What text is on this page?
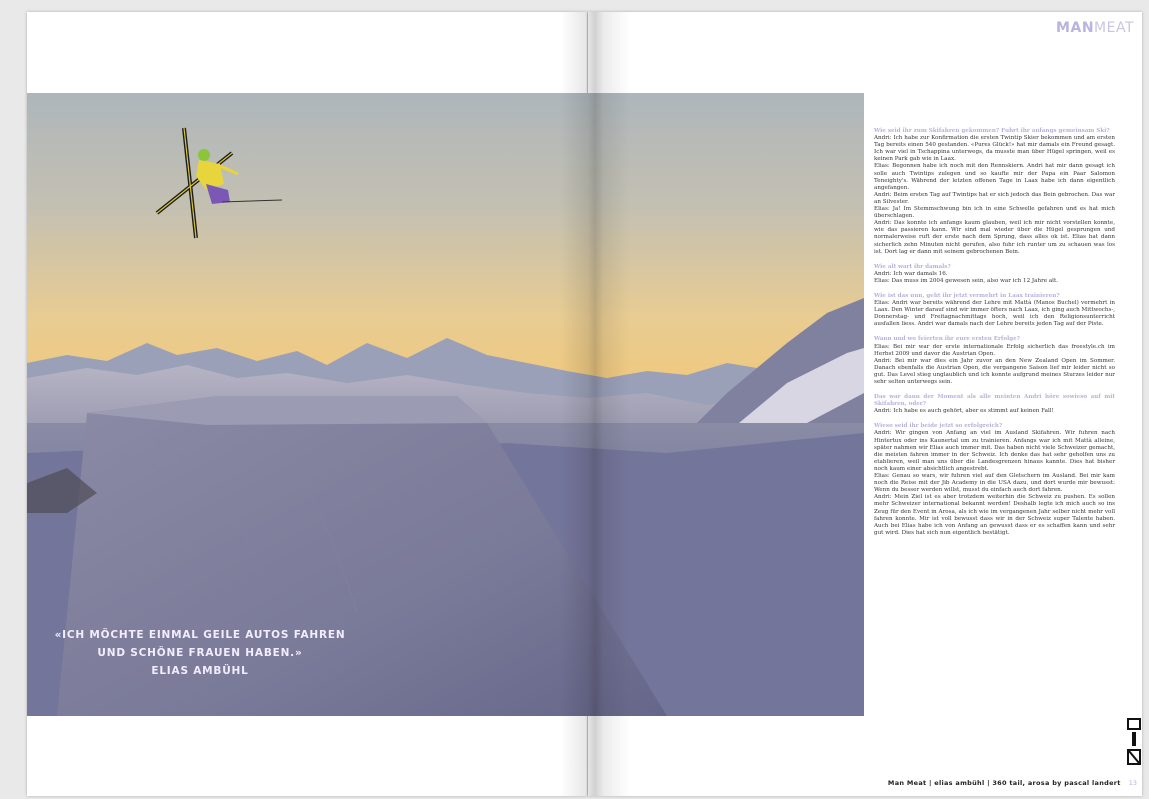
MANMEAT
«ICH MÖCHTE EINMAL GEILE AUTOS FAHREN
UND SCHÖNE FRAUEN HABEN.»
ELIAS AMBÜHL
Wie seid ihr zum Skifahren gekommen? Fuhrt ihr anfangs gemeinsam Ski?
Andri: Ich habe zur Konfirmation die ersten Twintip Skier bekommen und am ersten Tag bereits einen 540 gestanden. «Pures Glück!» hat mir damals ein Freund gesagt. Ich war viel in Tschappina unterwegs, da musste man über Hügel springen, weil es keinen Park gab wie in Laax.
Elias: Begonnen habe ich noch mit den Rennskiern. Andri hat mir dann gesagt ich solle auch Twintips zulegen und so kaufte mir der Papa ein Paar Salomon Teneighty's. Während der letzten offenen Tage in Laax habe ich dann eigentlich angefangen.
Andri: Beim ersten Tag auf Twintips hat er sich jedoch das Bein gebrochen. Das war an Silvester.
Elias: Ja! Im Stemmschwung bin ich in eine Schwelle gefahren und es hat mich überschlagen.
Andri: Das konnte ich anfangs kaum glauben, weil ich mir nicht vorstellen konnte, wie das passieren kann. Wir sind mal wieder über die Hügel gesprungen und normalerweise ruft der erste nach dem Sprung, dass alles ok ist. Elias hat dann sicherlich zehn Minuten nicht gerufen, also fuhr ich runter um zu schauen was los ist. Dort lag er dann mit seinem gebrochenen Bein.
Wie alt wart ihr damals?
Andri: Ich war damals 16.
Elias: Das muss im 2004 gewesen sein, also war ich 12 Jahre alt.
Wie ist das nun, geht ihr jetzt vermehrt in Laax trainieren?
Elias: Andri war bereits während der Lehre mit Mattà (Manos Buchel) vermehrt in Laax. Den Winter darauf sind wir immer öfters nach Laax, ich ging auch Mittwochs-, Donnerstag- und Freitagnachmittags hoch, weil ich den Religionsunterricht ausfallen liess. Andri war damals nach der Lehre bereits jeden Tag auf der Piste.
Wann und wo feierten ihr eure ersten Erfolge?
Elias: Bei mir war der erste internationale Erfolg sicherlich das freestyle.ch im Herbst 2009 und davor die Austrian Open.
Andri: Bei mir war dies ein Jahr zuvor an den New Zealand Open im Sommer. Danach ebenfalls die Austrian Open, die vergangene Saison lief mir leider nicht so gut. Das Level stieg unglaublich und ich konnte aufgrund meines Sturzes leider nur sehr selten unterwegs sein.
Das war dann der Moment als alle meinten Andri höre sowieso auf mit Skifahren, oder?
Andri: Ich habe es auch gehört, aber es stimmt auf keinen Fall!
Wieso seid ihr beide jetzt so erfolgreich?
Andri: Wir gingen von Anfang an viel im Ausland Skifahren. Wir fuhren nach Hintertux oder ins Kaunertal um zu trainieren. Anfangs war ich mit Mattà alleine, später nahmen wir Elias auch immer mit. Das haben nicht viele Schweizer gemacht, die meisten fahren immer in der Schweiz. Ich denke das hat sehr geholfen uns zu etablieren, weil man uns über die Landesgrenzen hinaus kannte. Dies hat bisher noch kaum einer absichtlich angestrebt.
Elias: Genau so wars, wir fuhren viel auf den Gletschern im Ausland. Bei mir kam noch die Reise mit der Jib Academy in die USA dazu, und dort wurde mir bewusst: Wenn du besser werden willst, musst du einfach auch dort fahren.
Andri: Mein Ziel ist es aber trotzdem weiterhin die Schweiz zu pushen. Es sollen mehr Schweizer international bekannt werden! Deshalb legte ich mich auch so ins Zeug für den Event in Arosa, als ich wie im vergangenen Jahr selber nicht mehr voll fahren konnte. Mir ist voll bewusst dass wir in der Schweiz super Talente haben. Auch bei Elias habe ich von Anfang an gewusst dass er es schaffen kann und sehr gut wird. Dies hat sich nun eigentlich bestätigt.
Man Meat | elias ambühl | 360 tail, arosa by pascal landert 13
